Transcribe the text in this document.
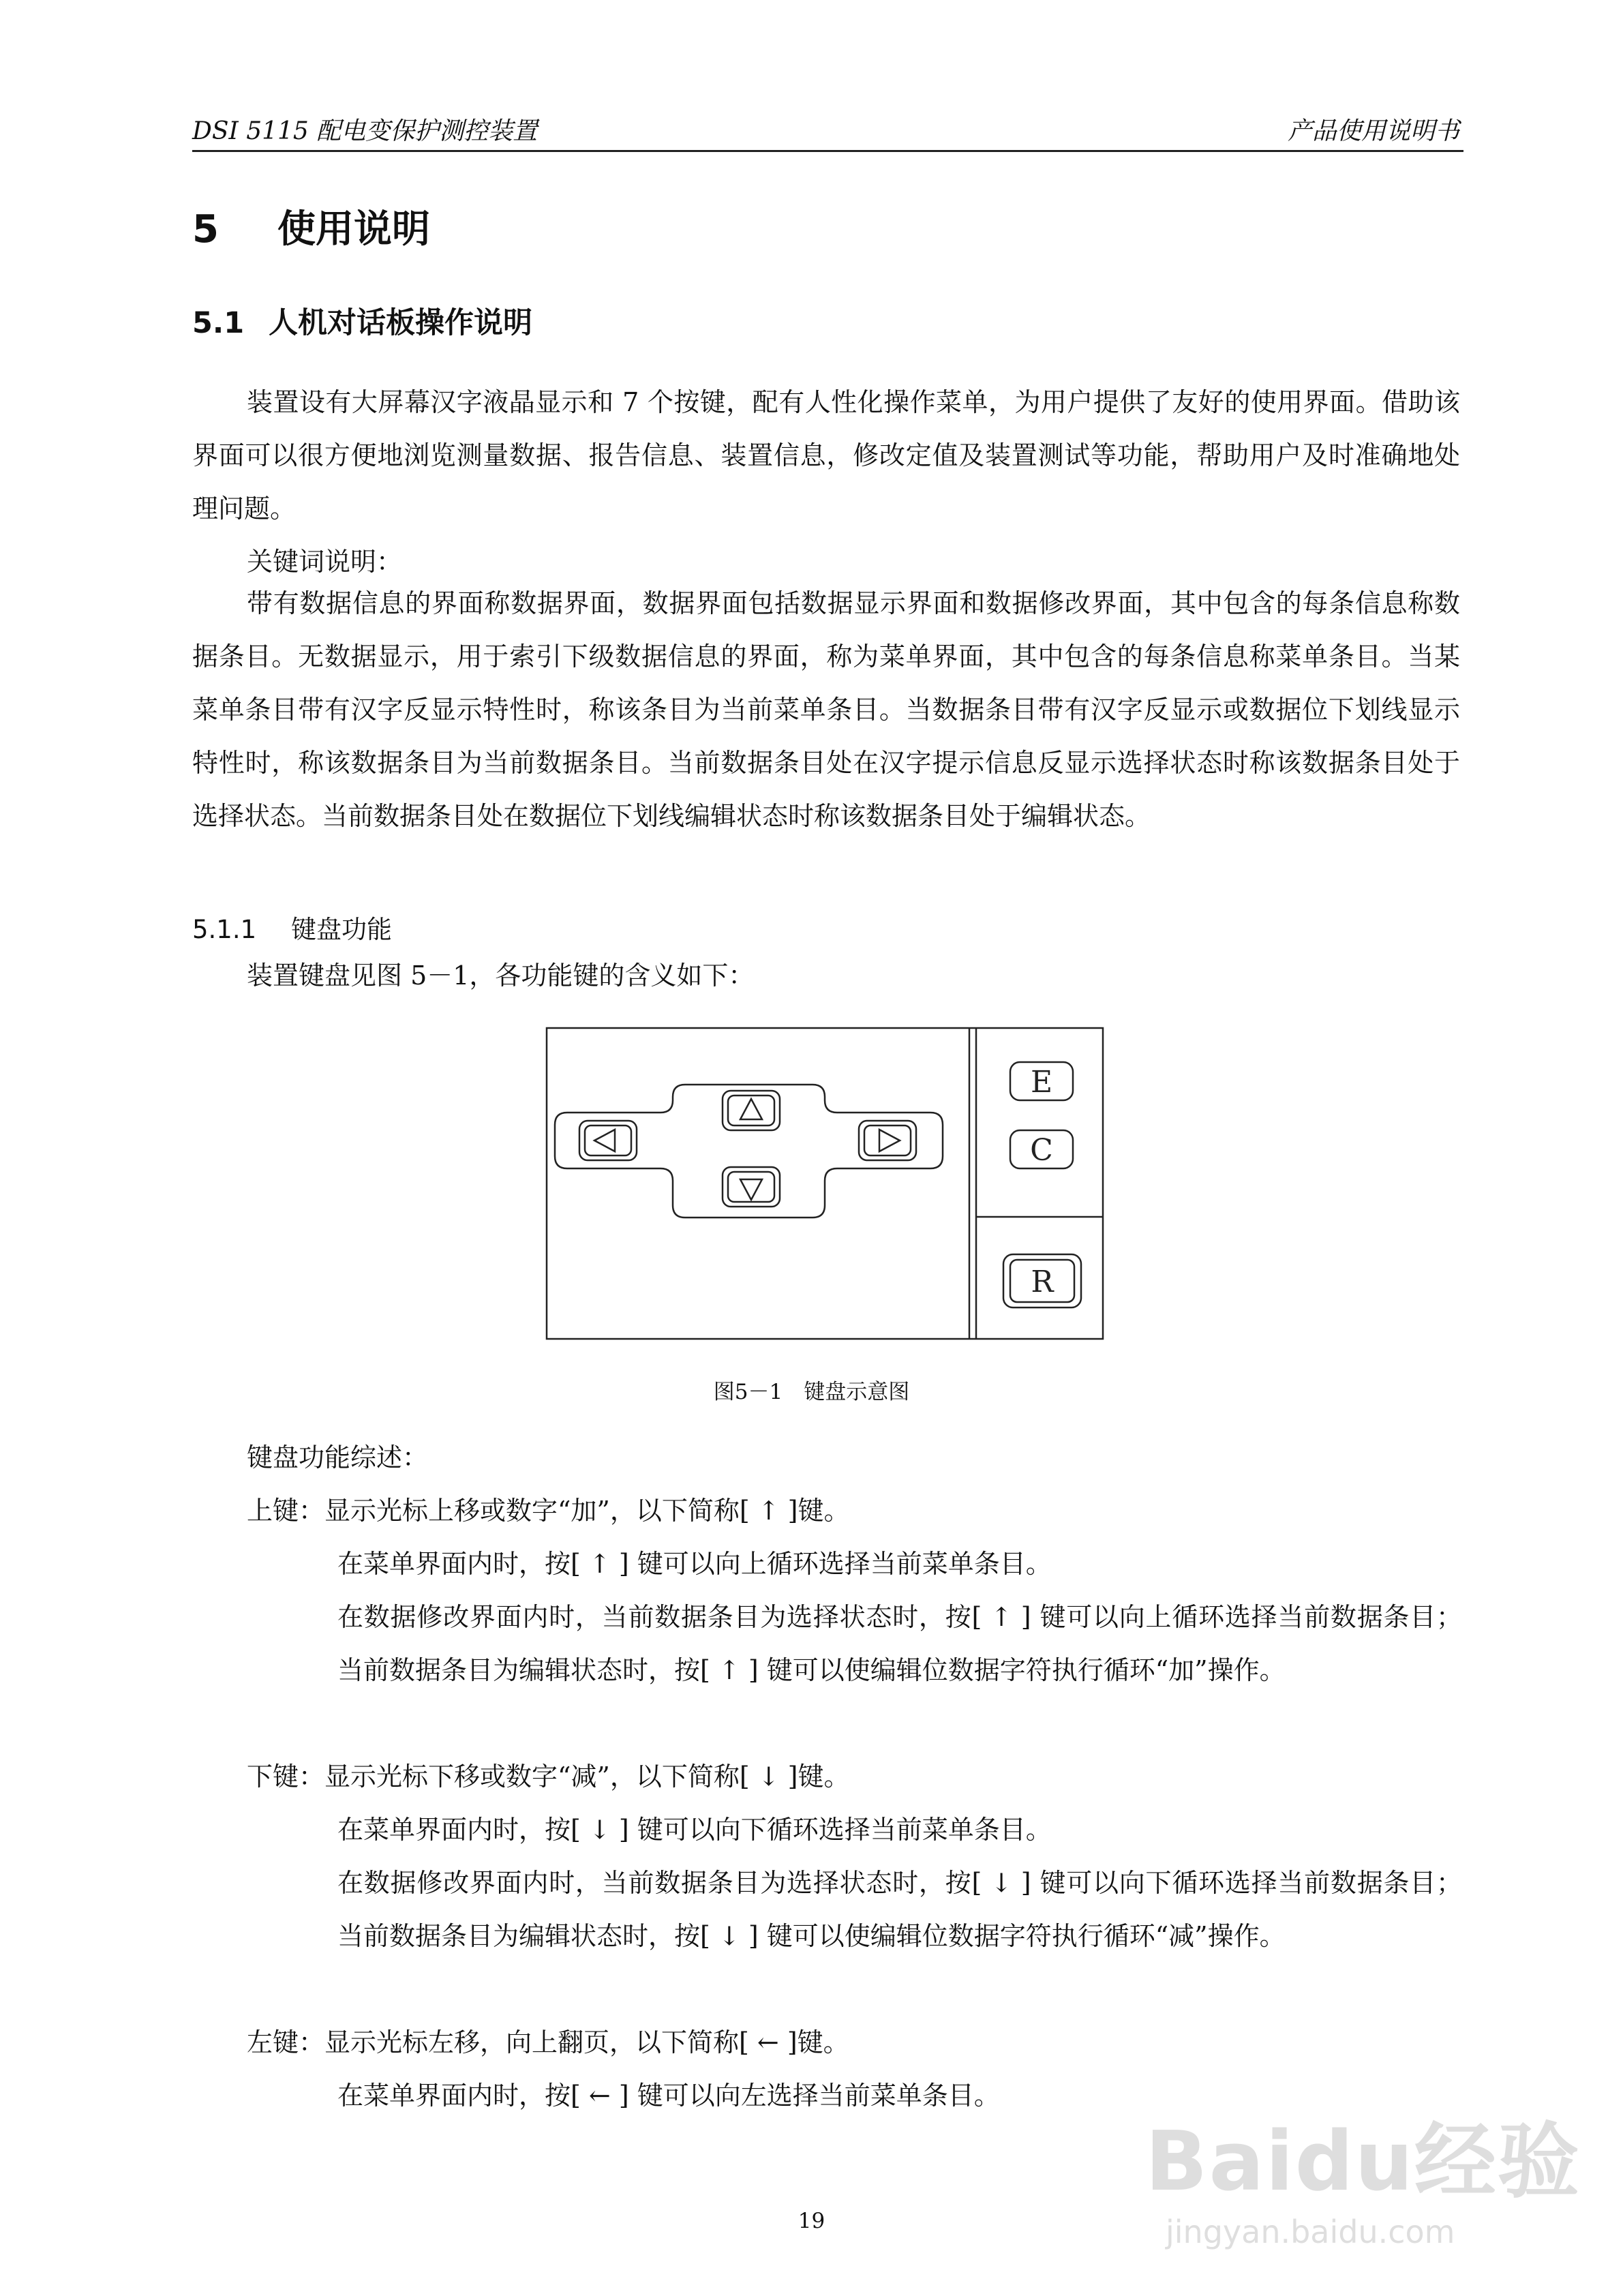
DSI 5115 配电变保护测控装置	产品使用说明书
5 使用说明
5.1 人机对话板操作说明
装置设有大屏幕汉字液晶显示和 7 个按键，配有人性化操作菜单，为用户提供了友好的使用界面。借助该界面可以很方便地浏览测量数据、报告信息、装置信息，修改定值及装置测试等功能，帮助用户及时准确地处理问题。
关键词说明：
带有数据信息的界面称数据界面，数据界面包括数据显示界面和数据修改界面，其中包含的每条信息称数据条目。无数据显示，用于索引下级数据信息的界面，称为菜单界面，其中包含的每条信息称菜单条目。当某菜单条目带有汉字反显示特性时，称该条目为当前菜单条目。当数据条目带有汉字反显示或数据位下划线显示特性时，称该数据条目为当前数据条目。当前数据条目处在汉字提示信息反显示选择状态时称该数据条目处于选择状态。当前数据条目处在数据位下划线编辑状态时称该数据条目处于编辑状态。
5.1.1 键盘功能
装置键盘见图 5－1，各功能键的含义如下：
E
C
R
图5－1　键盘示意图
键盘功能综述：
上键：显示光标上移或数字“加”，以下简称[ ↑ ]键。
在菜单界面内时，按[ ↑ ] 键可以向上循环选择当前菜单条目。
在数据修改界面内时，当前数据条目为选择状态时，按[ ↑ ] 键可以向上循环选择当前数据条目；当前数据条目为编辑状态时，按[ ↑ ] 键可以使编辑位数据字符执行循环“加”操作。
下键：显示光标下移或数字“减”，以下简称[ ↓ ]键。
在菜单界面内时，按[ ↓ ] 键可以向下循环选择当前菜单条目。
在数据修改界面内时，当前数据条目为选择状态时，按[ ↓ ] 键可以向下循环选择当前数据条目；当前数据条目为编辑状态时，按[ ↓ ] 键可以使编辑位数据字符执行循环“减”操作。
左键：显示光标左移，向上翻页，以下简称[ ← ]键。
在菜单界面内时，按[ ← ] 键可以向左选择当前菜单条目。
Baidu经验
jingyan.baidu.com
19
